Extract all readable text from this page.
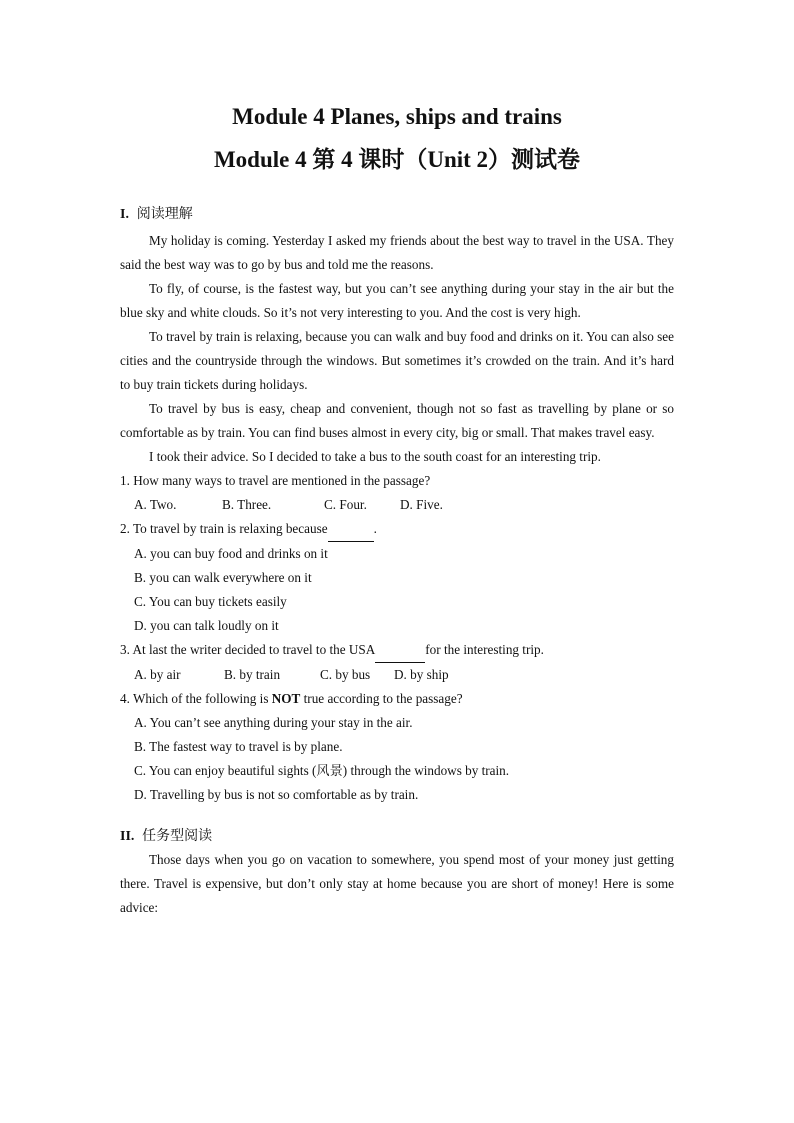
Module 4 Planes, ships and trains
Module 4 第 4 课时（Unit 2）测试卷
I. 阅读理解

My holiday is coming. Yesterday I asked my friends about the best way to travel in the USA. They said the best way was to go by bus and told me the reasons.

To fly, of course, is the fastest way, but you can’t see anything during your stay in the air but the blue sky and white clouds. So it’s not very interesting to you. And the cost is very high.

To travel by train is relaxing, because you can walk and buy food and drinks on it. You can also see cities and the countryside through the windows. But sometimes it’s crowded on the train. And it’s hard to buy train tickets during holidays.

To travel by bus is easy, cheap and convenient, though not so fast as travelling by plane or so comfortable as by train. You can find buses almost in every city, big or small. That makes travel easy.

I took their advice. So I decided to take a bus to the south coast for an interesting trip.

1. How many ways to travel are mentioned in the passage?

A. Two.	B. Three.	C. Four.	D. Five.

2. To travel by train is relaxing because	.

A. you can buy food and drinks on it

B. you can walk everywhere on it

C. You can buy tickets easily

D. you can talk loudly on it

3. At last the writer decided to travel to the USA	for the interesting trip.

A. by air	B. by train	C. by bus D. by ship

4. Which of the following is NOT true according to the passage?

A. You can’t see anything during your stay in the air.

B. The fastest way to travel is by plane.

C. You can enjoy beautiful sights (风景) through the windows by train.

D. Travelling by bus is not so comfortable as by train.

II. 任务型阅读

Those days when you go on vacation to somewhere, you spend most of your money just getting there. Travel is expensive, but don’t only stay at home because you are short of money! Here is some advice:
